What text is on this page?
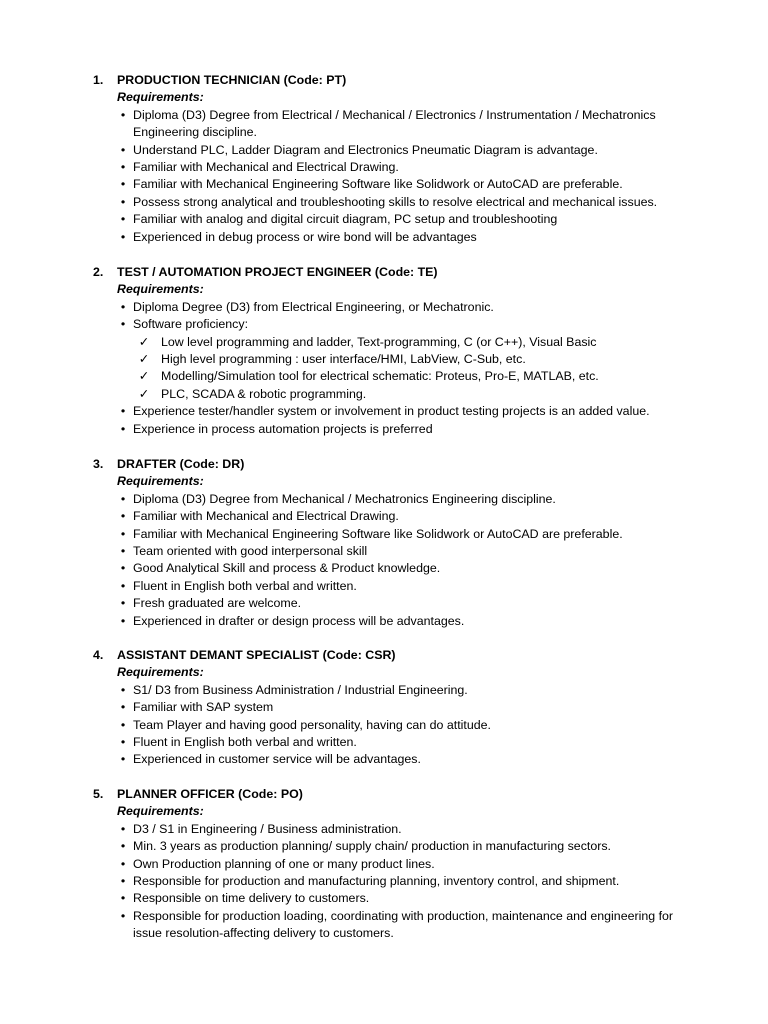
1.	PRODUCTION TECHNICIAN (Code: PT)
Requirements:
• Diploma (D3) Degree from Electrical / Mechanical / Electronics / Instrumentation / Mechatronics
Engineering discipline.
• Understand PLC, Ladder Diagram and Electronics Pneumatic Diagram is advantage.
• Familiar with Mechanical and Electrical Drawing.
• Familiar with Mechanical Engineering Software like Solidwork or AutoCAD are preferable.
• Possess strong analytical and troubleshooting skills to resolve electrical and mechanical issues.
• Familiar with analog and digital circuit diagram, PC setup and troubleshooting
• Experienced in debug process or wire bond will be advantages
2.	TEST / AUTOMATION PROJECT ENGINEER (Code: TE)
Requirements:
• Diploma Degree (D3) from Electrical Engineering, or Mechatronic.
• Software proficiency:
✓ Low level programming and ladder, Text-programming, C (or C++), Visual Basic
✓ High level programming : user interface/HMI, LabView, C-Sub, etc.
✓ Modelling/Simulation tool for electrical schematic: Proteus, Pro-E, MATLAB, etc.
✓ PLC, SCADA & robotic programming.
• Experience tester/handler system or involvement in product testing projects is an added value.
• Experience in process automation projects is preferred
3.	DRAFTER (Code: DR)
Requirements:
• Diploma (D3) Degree from Mechanical / Mechatronics Engineering discipline.
• Familiar with Mechanical and Electrical Drawing.
• Familiar with Mechanical Engineering Software like Solidwork or AutoCAD are preferable.
• Team oriented with good interpersonal skill
• Good Analytical Skill and process & Product knowledge.
• Fluent in English both verbal and written.
• Fresh graduated are welcome.
• Experienced in drafter or design process will be advantages.
4.	ASSISTANT DEMANT SPECIALIST (Code: CSR)
Requirements:
• S1/ D3 from Business Administration / Industrial Engineering.
• Familiar with SAP system
• Team Player and having good personality, having can do attitude.
• Fluent in English both verbal and written.
• Experienced in customer service will be advantages.
5.	PLANNER OFFICER (Code: PO)
Requirements:
• D3 / S1 in Engineering / Business administration.
• Min. 3 years as production planning/ supply chain/ production in manufacturing sectors.
• Own Production planning of one or many product lines.
• Responsible for production and manufacturing planning, inventory control, and shipment.
• Responsible on time delivery to customers.
• Responsible for production loading, coordinating with production, maintenance and engineering for
issue resolution-affecting delivery to customers.
